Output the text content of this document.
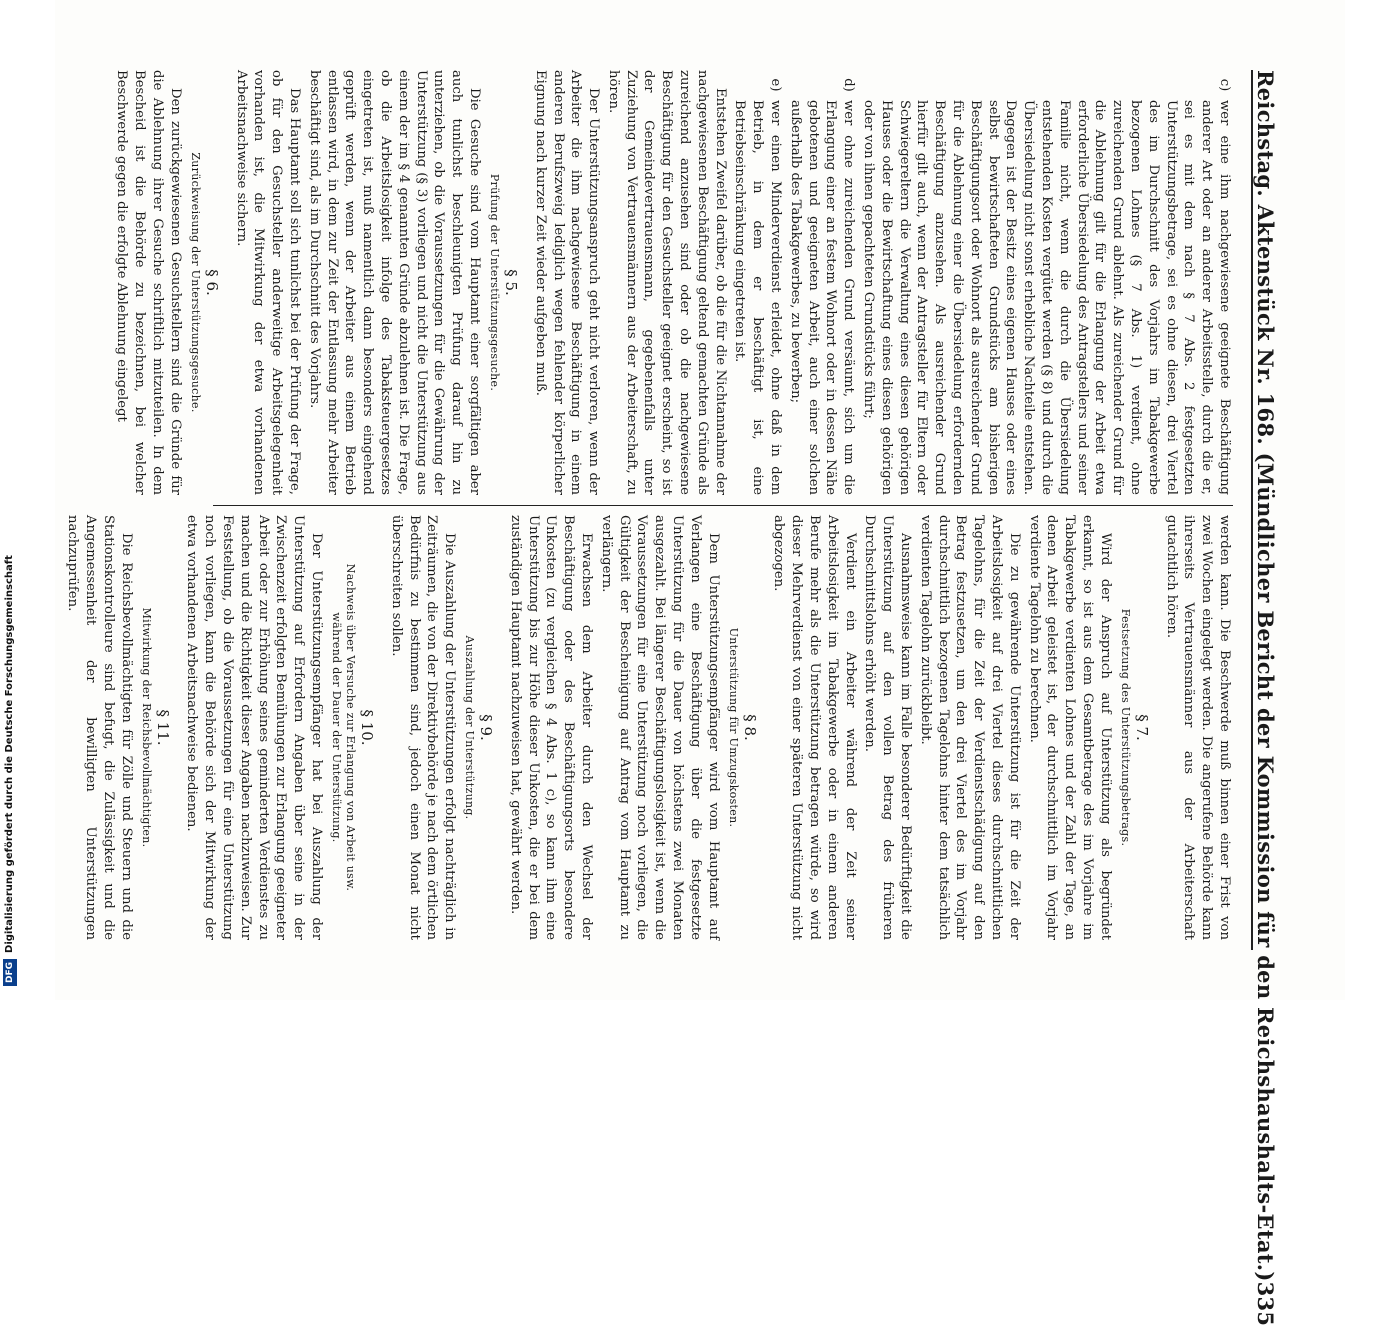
Reichstag. Aktenstück Nr. 168. (Mündlicher Bericht der Kommission für den Reichshaushalts-Etat.)
335
c)
wer eine ihm nachgewiesene geeignete Beschäftigung anderer Art oder an anderer Arbeitsstelle, durch die er, sei es mit dem nach § 7 Abs. 2 festgesetzten Unterstützungsbetrage, sei es ohne diesen, drei Viertel des im Durchschnitt des Vorjahrs im Tabakgewerbe bezogenen Lohnes (§ 7 Abs. 1) verdient, ohne zureichenden Grund ablehnt. Als zureichender Grund für die Ablehnung gilt für die Erlangung der Arbeit etwa erforderliche Übersiedelung des Antragstellers und seiner Familie nicht, wenn die durch die Übersiedelung entstehenden Kosten vergütet werden (§ 8) und durch die Übersiedelung nicht sonst erhebliche Nachteile entstehen. Dagegen ist der Besitz eines eigenen Hauses oder eines selbst bewirtschafteten Grundstücks am bisherigen Beschäftigungsort oder Wohnort als ausreichender Grund für die Ablehnung einer die Übersiedelung erfordernden Beschäftigung anzusehen. Als ausreichender Grund hierfür gilt auch, wenn der Antragsteller für Eltern oder Schwiegereltern die Verwaltung eines diesen gehörigen Hauses oder die Bewirtschaftung eines diesen gehörigen oder von ihnen gepachteten Grundstücks führt;
d)
wer ohne zureichenden Grund versäumt, sich um die Erlangung einer an festem Wohnort oder in dessen Nähe gebotenen und geeigneten Arbeit, auch einer solchen außerhalb des Tabakgewerbes, zu bewerben;
e)
wer einen Minderverdienst erleidet, ohne daß in dem Betrieb, in dem er beschäftigt ist, eine Betriebseinschränkung eingetreten ist.

Entstehen Zweifel darüber, ob die für die Nichtannahme der nachgewiesenen Beschäftigung geltend gemachten Gründe als zureichend anzusehen sind oder ob die nachgewiesene Beschäftigung für den Gesuchsteller geeignet erscheint, so ist der Gemeindevertrauensmann, gegebenenfalls unter Zuziehung von Vertrauensmännern aus der Arbeiterschaft, zu hören.

Der Unterstützungsanspruch geht nicht verloren, wenn der Arbeiter die ihm nachgewiesene Beschäftigung in einem anderen Berufszweig lediglich wegen fehlender körperlicher Eignung nach kurzer Zeit wieder aufgeben muß.

§ 5.
Prüfung der Unterstützungsgesuche.

Die Gesuche sind vom Hauptamt einer sorgfältigen aber auch tunlichst beschleunigten Prüfung darauf hin zu unterziehen, ob die Voraussetzungen für die Gewährung der Unterstützung (§ 3) vorliegen und nicht die Unterstützung aus einem der im § 4 genannten Gründe abzulehnen ist. Die Frage, ob die Arbeitslosigkeit infolge des Tabaksteuergesetzes eingetreten ist, muß namentlich dann besonders eingehend geprüft werden, wenn der Arbeiter aus einem Betrieb entlassen wird, in dem zur Zeit der Entlassung mehr Arbeiter beschäftigt sind, als im Durchschnitt des Vorjahrs.

Das Hauptamt soll sich tunlichst bei der Prüfung der Frage, ob für den Gesuchsteller anderweitige Arbeitsgelegenheit vorhanden ist, die Mitwirkung der etwa vorhandenen Arbeitsnachweise sichern.

§ 6.
Zurückweisung der Unterstützungsgesuche.

Den zurückgewiesenen Gesuchstellern sind die Gründe für die Ablehnung ihrer Gesuche schriftlich mitzuteilen. In dem Bescheid ist die Behörde zu bezeichnen, bei welcher Beschwerde gegen die erfolgte Ablehnung eingelegt

werden kann. Die Beschwerde muß binnen einer Frist von zwei Wochen eingelegt werden. Die angerufene Behörde kann ihrerseits Vertrauensmänner aus der Arbeiterschaft gutachtlich hören.

§ 7.
Festsetzung des Unterstützungsbetrags.

Wird der Anspruch auf Unterstützung als begründet erkannt, so ist aus dem Gesamtbetrage des im Vorjahre im Tabakgewerbe verdienten Lohnes und der Zahl der Tage, an denen Arbeit geleistet ist, der durchschnittlich im Vorjahr verdiente Tagelohn zu berechnen.

Die zu gewährende Unterstützung ist für die Zeit der Arbeitslosigkeit auf drei Viertel dieses durchschnittlichen Tagelohns, für die Zeit der Verdienstschädigung auf den Betrag festzusetzen, um den drei Viertel des im Vorjahr durchschnittlich bezogenen Tagelohns hinter dem tatsächlich verdienten Tagelohn zurückbleibt.

Ausnahmsweise kann im Falle besonderer Bedürftigkeit die Unterstützung auf den vollen Betrag des früheren Durchschnittslohns erhöht werden.

Verdient ein Arbeiter während der Zeit seiner Arbeitslosigkeit im Tabakgewerbe oder in einem anderen Berufe mehr als die Unterstützung betragen würde, so wird dieser Mehrverdienst von einer späteren Unterstützung nicht abgezogen.

§ 8.
Unterstützung für Umzugskosten.

Dem Unterstützungsempfänger wird vom Hauptamt auf Verlangen eine Beschäftigung über die festgesetzte Unterstützung für die Dauer von höchstens zwei Monaten ausgezahlt. Bei längerer Beschäftigungslosigkeit ist, wenn die Voraussetzungen für eine Unterstützung noch vorliegen, die Gültigkeit der Bescheinigung auf Antrag vom Hauptamt zu verlängern.

Erwachsen dem Arbeiter durch den Wechsel der Beschäftigung oder des Beschäftigungsorts besondere Unkosten (zu vergleichen § 4 Abs. 1 c), so kann ihm eine Unterstützung bis zur Höhe dieser Unkosten, die er bei dem zuständigen Hauptamt nachzuweisen hat, gewährt werden.

§ 9.
Auszahlung der Unterstützung.

Die Auszahlung der Unterstützungen erfolgt nachträglich in Zeiträumen, die von der Direktivbehörde je nach dem örtlichen Bedürfnis zu bestimmen sind, jedoch einen Monat nicht überschreiten sollen.

§ 10.
Nachweis über Versuche zur Erlangung von Arbeit usw. während der Dauer der Unterstützung.

Der Unterstützungsempfänger hat bei Auszahlung der Unterstützung auf Erfordern Angaben über seine in der Zwischenzeit erfolgten Bemühungen zur Erlangung geeigneter Arbeit oder zur Erhöhung seines geminderten Verdienstes zu machen und die Richtigkeit dieser Angaben nachzuweisen. Zur Feststellung, ob die Voraussetzungen für eine Unterstützung noch vorliegen, kann die Behörde sich der Mitwirkung der etwa vorhandenen Arbeitsnachweise bedienen.

§ 11.
Mitwirkung der Reichsbevollmächtigten.

Die Reichsbevollmächtigten für Zölle und Steuern und die Stationskontrolleure sind befugt, die Zulässigkeit und die Angemessenheit der bewilligten Unterstützungen nachzuprüfen.

DFG
Digitalisierung gefördert durch die Deutsche Forschungsgemeinschaft
